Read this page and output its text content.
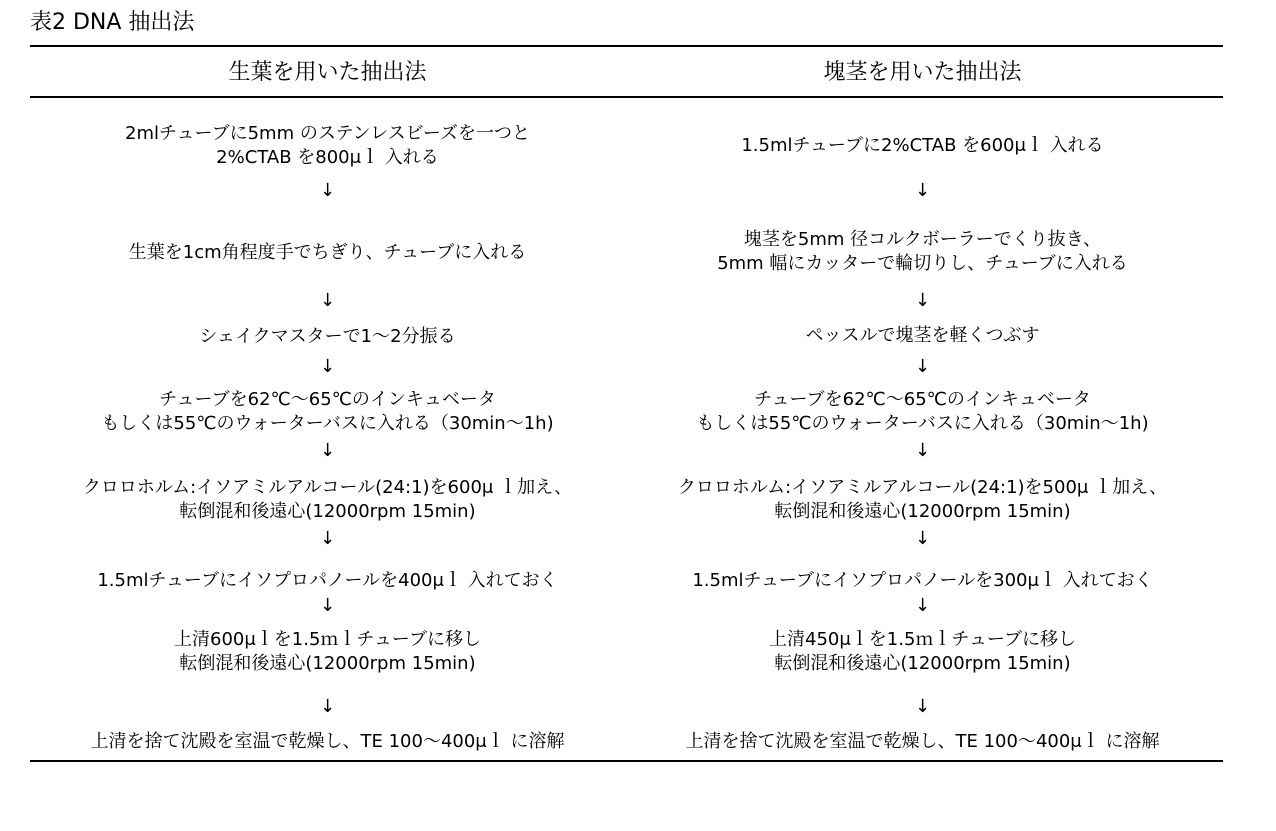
表2 DNA 抽出法
生葉を用いた抽出法
2mlチューブに5mm のステンレスビーズを一つと
2%CTAB を800μｌ 入れる
生葉を1cm角程度手でちぎり、チューブに入れる
シェイクマスターで1～2分振る
チューブを62℃～65℃のインキュベータ
もしくは55℃のウォーターバスに入れる（30min～1h)
クロロホルム:イソアミルアルコール(24:1)を600μ ｌ加え、
転倒混和後遠心(12000rpm 15min)
1.5mlチューブにイソプロパノールを400μｌ 入れておく
上清600μｌを1.5ｍｌチューブに移し
転倒混和後遠心(12000rpm 15min)
上清を捨て沈殿を室温で乾燥し、TE 100～400μｌ に溶解
↓
↓
↓
↓
↓
↓
↓
塊茎を用いた抽出法
1.5mlチューブに2%CTAB を600μｌ 入れる
塊茎を5mm 径コルクボーラーでくり抜き、
5mm 幅にカッターで輪切りし、チューブに入れる
ペッスルで塊茎を軽くつぶす
チューブを62℃～65℃のインキュベータ
もしくは55℃のウォーターバスに入れる（30min～1h)
クロロホルム:イソアミルアルコール(24:1)を500μ ｌ加え、
転倒混和後遠心(12000rpm 15min)
1.5mlチューブにイソプロパノールを300μｌ 入れておく
上清450μｌを1.5ｍｌチューブに移し
転倒混和後遠心(12000rpm 15min)
上清を捨て沈殿を室温で乾燥し、TE 100～400μｌ に溶解
↓
↓
↓
↓
↓
↓
↓
